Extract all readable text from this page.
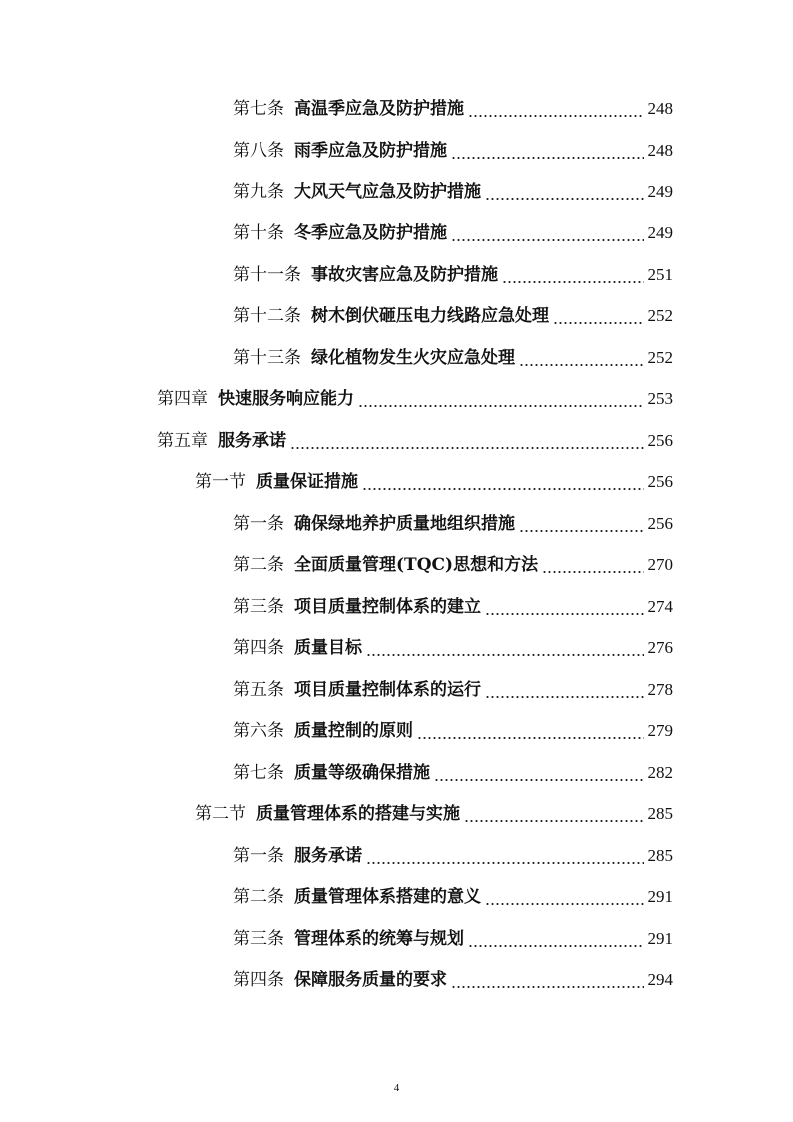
第七条 高温季应急及防护措施	248
第八条 雨季应急及防护措施	248
第九条 大风天气应急及防护措施	249
第十条 冬季应急及防护措施	249
第十一条 事故灾害应急及防护措施	251
第十二条 树木倒伏砸压电力线路应急处理	252
第十三条 绿化植物发生火灾应急处理	252
第四章 快速服务响应能力	253
第五章 服务承诺	256
第一节 质量保证措施	256
第一条 确保绿地养护质量地组织措施	256
第二条 全面质量管理(TQC)思想和方法	270
第三条 项目质量控制体系的建立	274
第四条 质量目标	276
第五条 项目质量控制体系的运行	278
第六条 质量控制的原则	279
第七条 质量等级确保措施	282
第二节 质量管理体系的搭建与实施	285
第一条 服务承诺	285
第二条 质量管理体系搭建的意义	291
第三条 管理体系的统筹与规划	291
第四条 保障服务质量的要求	294
4
